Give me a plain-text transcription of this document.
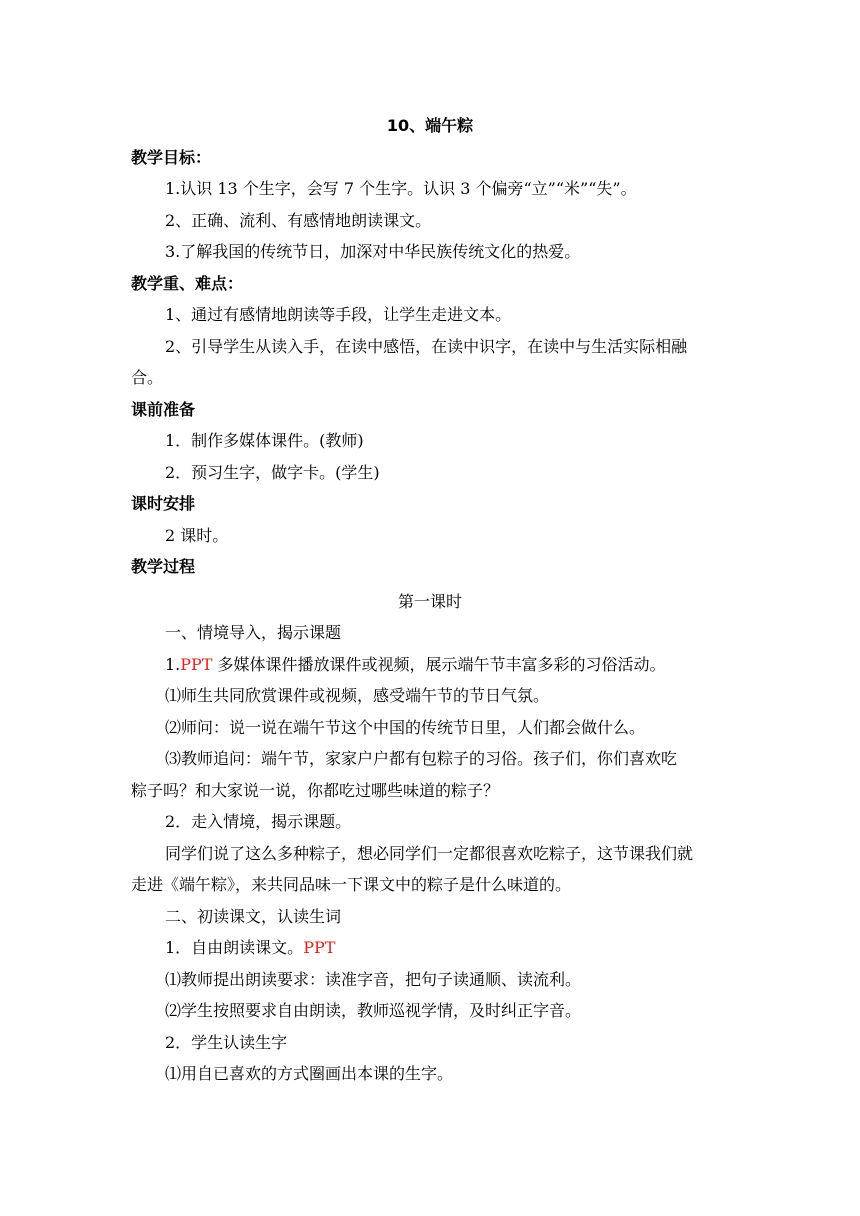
10、端午粽
教学目标：
1.认识 13 个生字，会写 7 个生字。认识 3 个偏旁“立”“米”“失”。
2、正确、流利、有感情地朗读课文。
3.了解我国的传统节日，加深对中华民族传统文化的热爱。
教学重、难点：
1、通过有感情地朗读等手段，让学生走进文本。
2、引导学生从读入手，在读中感悟，在读中识字，在读中与生活实际相融
合。
课前准备
1．制作多媒体课件。(教师)
2．预习生字，做字卡。(学生)
课时安排
2 课时。
教学过程
第一课时
一、情境导入，揭示课题
1.PPT 多媒体课件播放课件或视频，展示端午节丰富多彩的习俗活动。
⑴师生共同欣赏课件或视频，感受端午节的节日气氛。
⑵师问：说一说在端午节这个中国的传统节日里，人们都会做什么。
⑶教师追问：端午节，家家户户都有包粽子的习俗。孩子们，你们喜欢吃
粽子吗？和大家说一说，你都吃过哪些味道的粽子？
2．走入情境，揭示课题。
同学们说了这么多种粽子，想必同学们一定都很喜欢吃粽子，这节课我们就
走进《端午粽》，来共同品味一下课文中的粽子是什么味道的。
二、初读课文，认读生词
1．自由朗读课文。PPT
⑴教师提出朗读要求：读准字音，把句子读通顺、读流利。
⑵学生按照要求自由朗读，教师巡视学情，及时纠正字音。
2．学生认读生字
⑴用自已喜欢的方式圈画出本课的生字。
